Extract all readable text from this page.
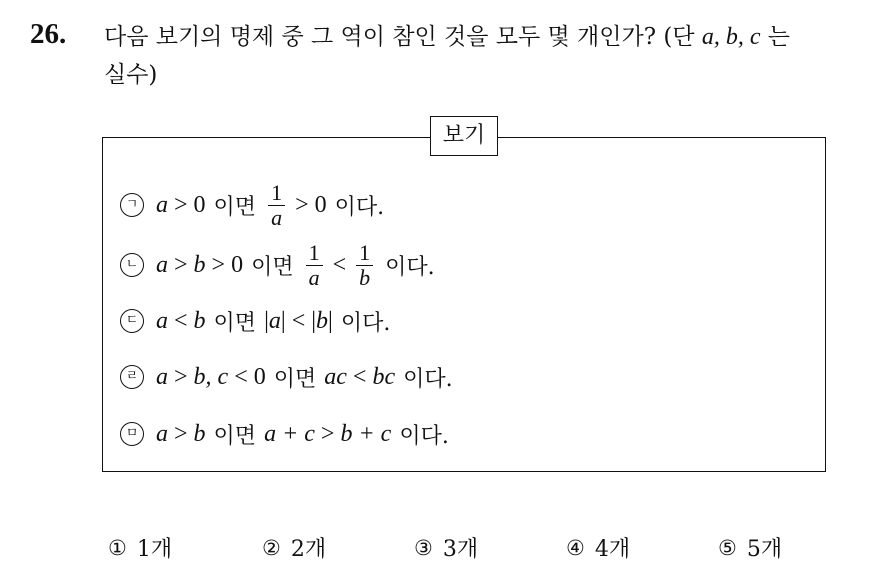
26. 다음 보기의 명제 중 그 역이 참인 것을 모두 몇 개인가? (단 a, b, c 는
실수)
보기
ㄱ a > 0 이면 $\frac{1}{a} > 0$ 이다.
ㄴ a > b > 0 이면 $\frac{1}{a} < \frac{1}{b}$ 이다.
ㄷ a < b 이면 |a| < |b| 이다.
ㄹ a > b, c < 0 이면 ac < bc 이다.
ㅁ a > b 이면 a + c > b + c 이다.
① 1개	② 2개	③ 3개	④ 4개	⑤ 5개
